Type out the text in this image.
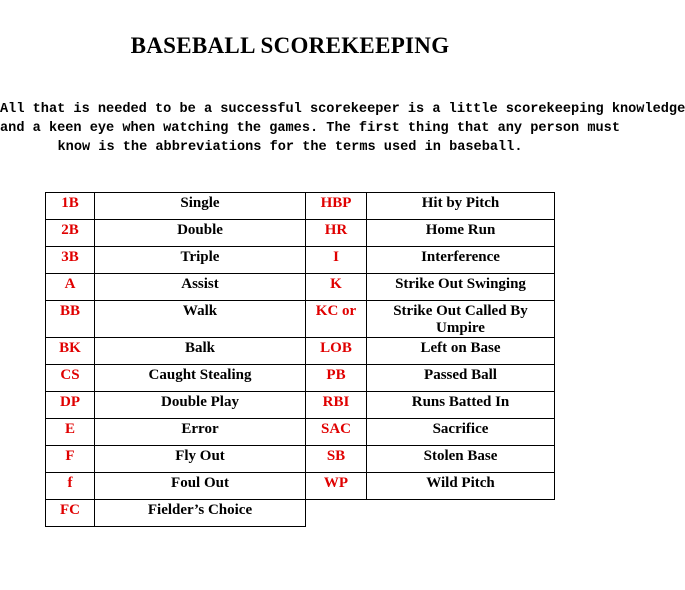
BASEBALL SCOREKEEPING
All that is needed to be a successful scorekeeper is a little scorekeeping knowledge
and a keen eye when watching the games. The first thing that any person must
know is the abbreviations for the terms used in baseball.
1B	Single	HBP	Hit by Pitch
2B	Double	HR	Home Run
3B	Triple	I	Interference
A	Assist	K	Strike Out Swinging
BB	Walk	KC or	Strike Out Called By Umpire
BK	Balk	LOB	Left on Base
CS	Caught Stealing	PB	Passed Ball
DP	Double Play	RBI	Runs Batted In
E	Error	SAC	Sacrifice
F	Fly Out	SB	Stolen Base
f	Foul Out	WP	Wild Pitch
FC	Fielder’s Choice		
